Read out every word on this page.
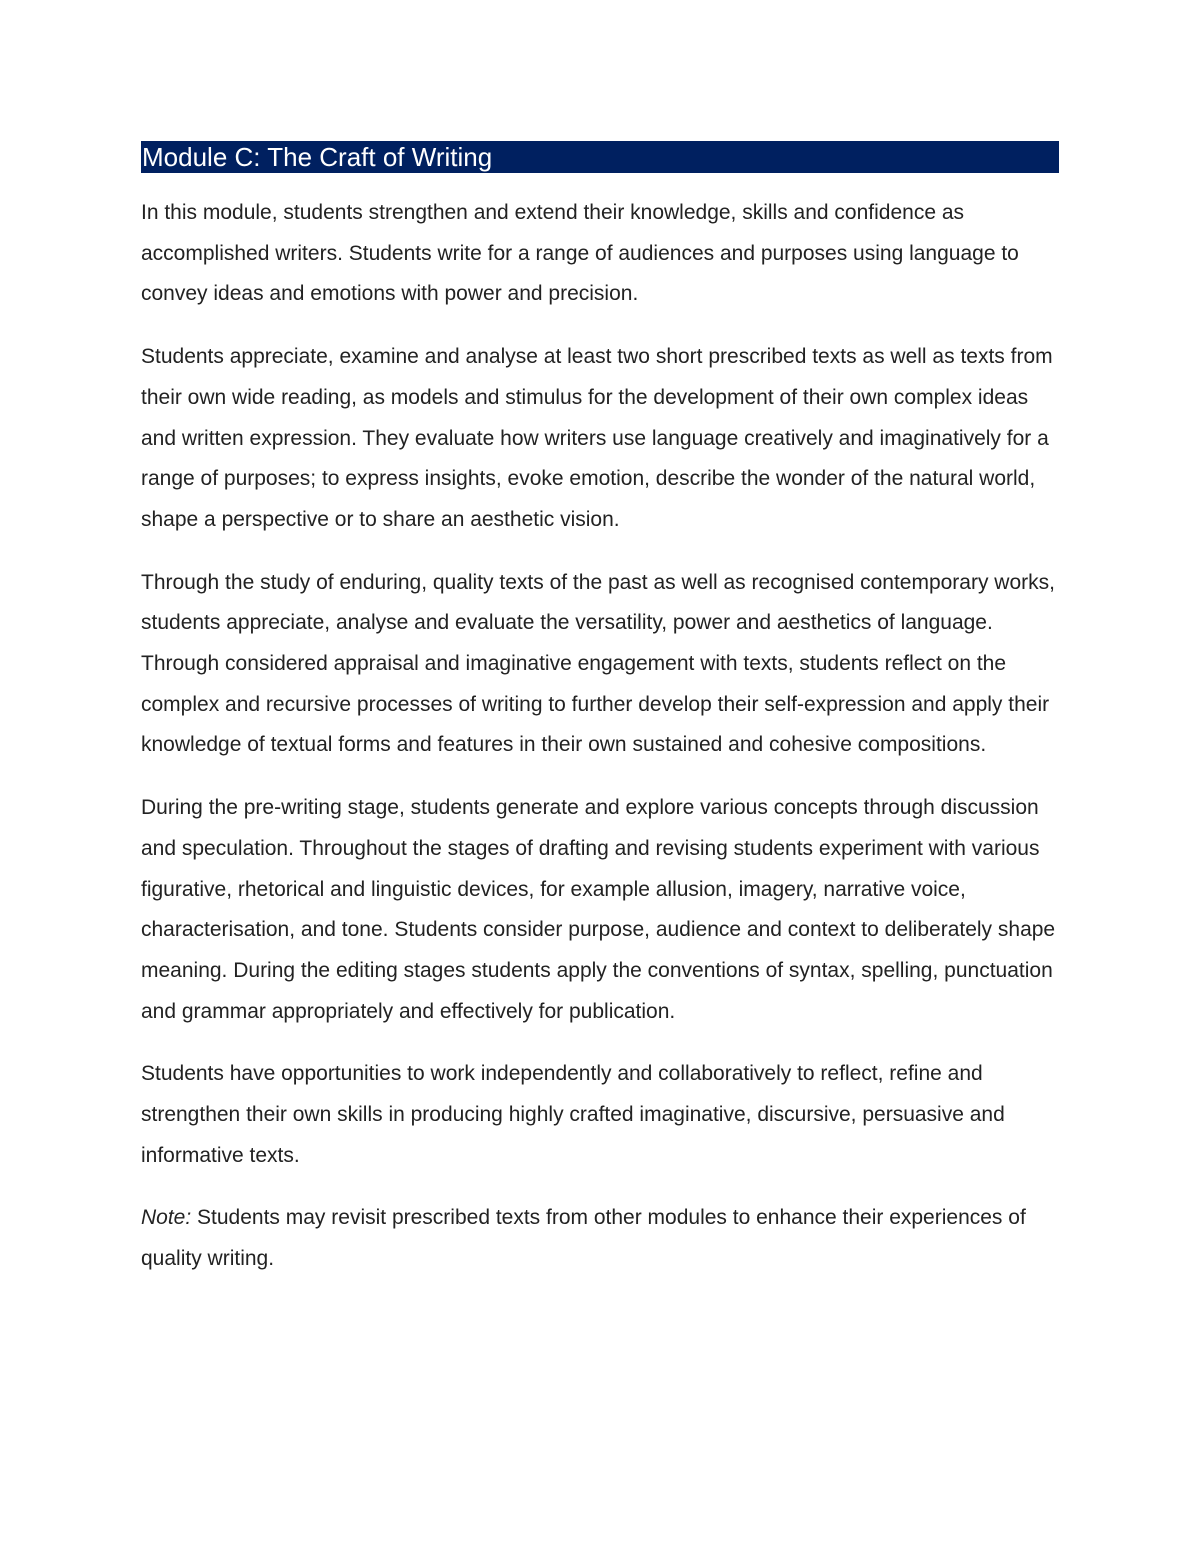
Module C: The Craft of Writing

In this module, students strengthen and extend their knowledge, skills and confidence as accomplished writers. Students write for a range of audiences and purposes using language to convey ideas and emotions with power and precision.

Students appreciate, examine and analyse at least two short prescribed texts as well as texts from their own wide reading, as models and stimulus for the development of their own complex ideas and written expression. They evaluate how writers use language creatively and imaginatively for a range of purposes; to express insights, evoke emotion, describe the wonder of the natural world, shape a perspective or to share an aesthetic vision.

Through the study of enduring, quality texts of the past as well as recognised contemporary works, students appreciate, analyse and evaluate the versatility, power and aesthetics of language. Through considered appraisal and imaginative engagement with texts, students reflect on the complex and recursive processes of writing to further develop their self-expression and apply their knowledge of textual forms and features in their own sustained and cohesive compositions.

During the pre-writing stage, students generate and explore various concepts through discussion and speculation. Throughout the stages of drafting and revising students experiment with various figurative, rhetorical and linguistic devices, for example allusion, imagery, narrative voice, characterisation, and tone. Students consider purpose, audience and context to deliberately shape meaning. During the editing stages students apply the conventions of syntax, spelling, punctuation and grammar appropriately and effectively for publication.

Students have opportunities to work independently and collaboratively to reflect, refine and strengthen their own skills in producing highly crafted imaginative, discursive, persuasive and informative texts.

Note: Students may revisit prescribed texts from other modules to enhance their experiences of quality writing.
